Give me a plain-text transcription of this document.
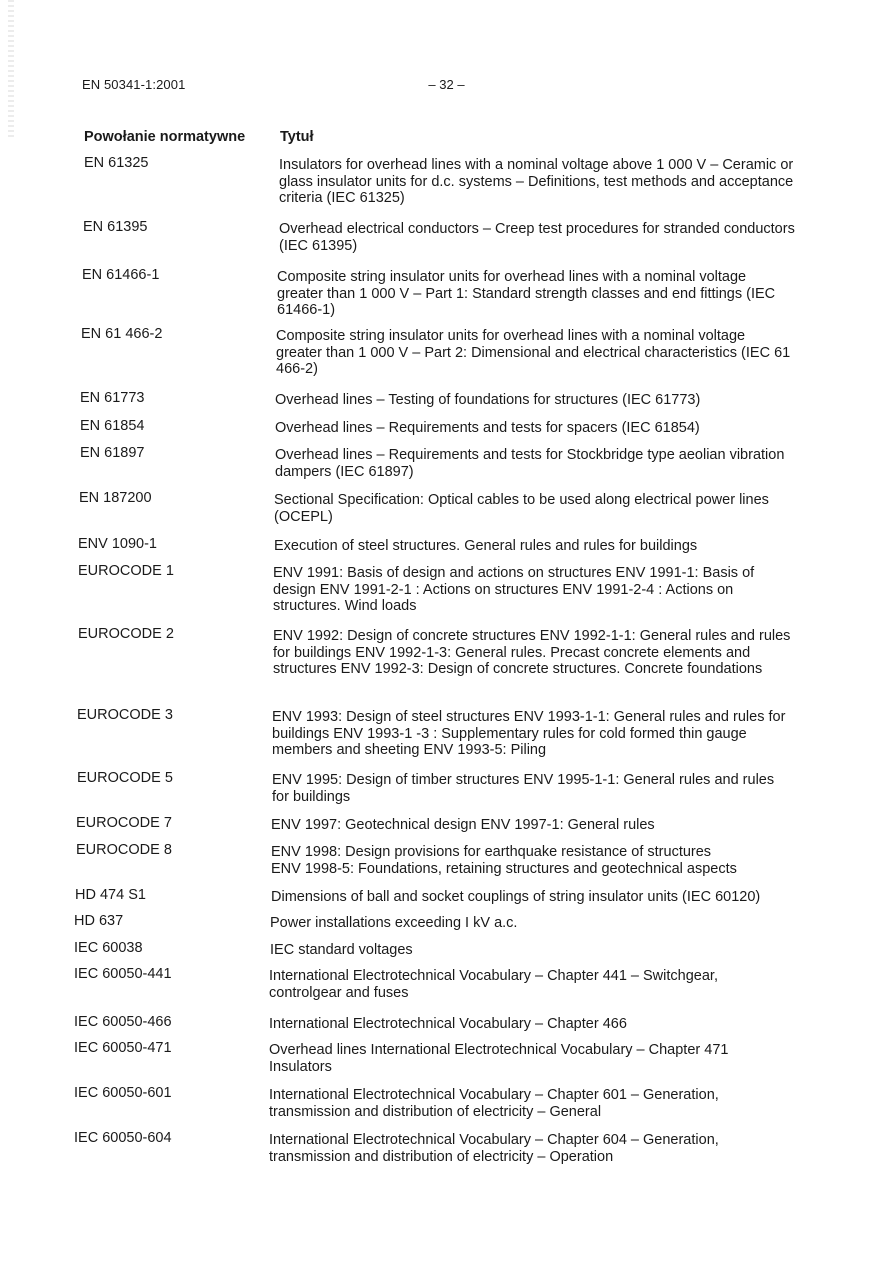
EN 50341-1:2001	– 32 –
Powołanie normatywne Tytuł
EN 61325	Insulators for overhead lines with a nominal voltage above 1 000 V – Ceramic or glass insulator units for d.c. systems – Definitions, test methods and acceptance criteria (IEC 61325)
EN 61395	Overhead electrical conductors – Creep test procedures for stranded conductors (IEC 61395)
EN 61466-1	Composite string insulator units for overhead lines with a nominal voltage greater than 1 000 V – Part 1: Standard strength classes and end fittings (IEC 61466-1)
EN 61 466-2	Composite string insulator units for overhead lines with a nominal voltage greater than 1 000 V – Part 2: Dimensional and electrical characteristics (IEC 61 466-2)
EN 61773	Overhead lines – Testing of foundations for structures (IEC 61773)
EN 61854	Overhead lines – Requirements and tests for spacers (IEC 61854)
EN 61897	Overhead lines – Requirements and tests for Stockbridge type aeolian vibration dampers (IEC 61897)
EN 187200	Sectional Specification: Optical cables to be used along electrical power lines (OCEPL)
ENV 1090-1	Execution of steel structures. General rules and rules for buildings
EUROCODE 1	ENV 1991: Basis of design and actions on structures ENV 1991-1: Basis of design ENV 1991-2-1 : Actions on structures ENV 1991-2-4 : Actions on structures. Wind loads
EUROCODE 2	ENV 1992: Design of concrete structures ENV 1992-1-1: General rules and rules for buildings ENV 1992-1-3: General rules. Precast concrete elements and structures ENV 1992-3: Design of concrete structures. Concrete foundations
EUROCODE 3	ENV 1993: Design of steel structures ENV 1993-1-1: General rules and rules for buildings ENV 1993-1 -3 : Supplementary rules for cold formed thin gauge members and sheeting ENV 1993-5: Piling
EUROCODE 5	ENV 1995: Design of timber structures ENV 1995-1-1: General rules and rules for buildings
EUROCODE 7	ENV 1997: Geotechnical design ENV 1997-1: General rules
EUROCODE 8	ENV 1998: Design provisions for earthquake resistance of structures
ENV 1998-5: Foundations, retaining structures and geotechnical aspects
HD 474 S1	Dimensions of ball and socket couplings of string insulator units (IEC 60120)
HD 637	Power installations exceeding I kV a.c.
IEC 60038	IEC standard voltages
IEC 60050-441	International Electrotechnical Vocabulary – Chapter 441 – Switchgear, controlgear and fuses
IEC 60050-466	International Electrotechnical Vocabulary – Chapter 466
IEC 60050-471	Overhead lines International Electrotechnical Vocabulary – Chapter 471 Insulators
IEC 60050-601	International Electrotechnical Vocabulary – Chapter 601 – Generation, transmission and distribution of electricity – General
IEC 60050-604	International Electrotechnical Vocabulary – Chapter 604 – Generation, transmission and distribution of electricity – Operation
